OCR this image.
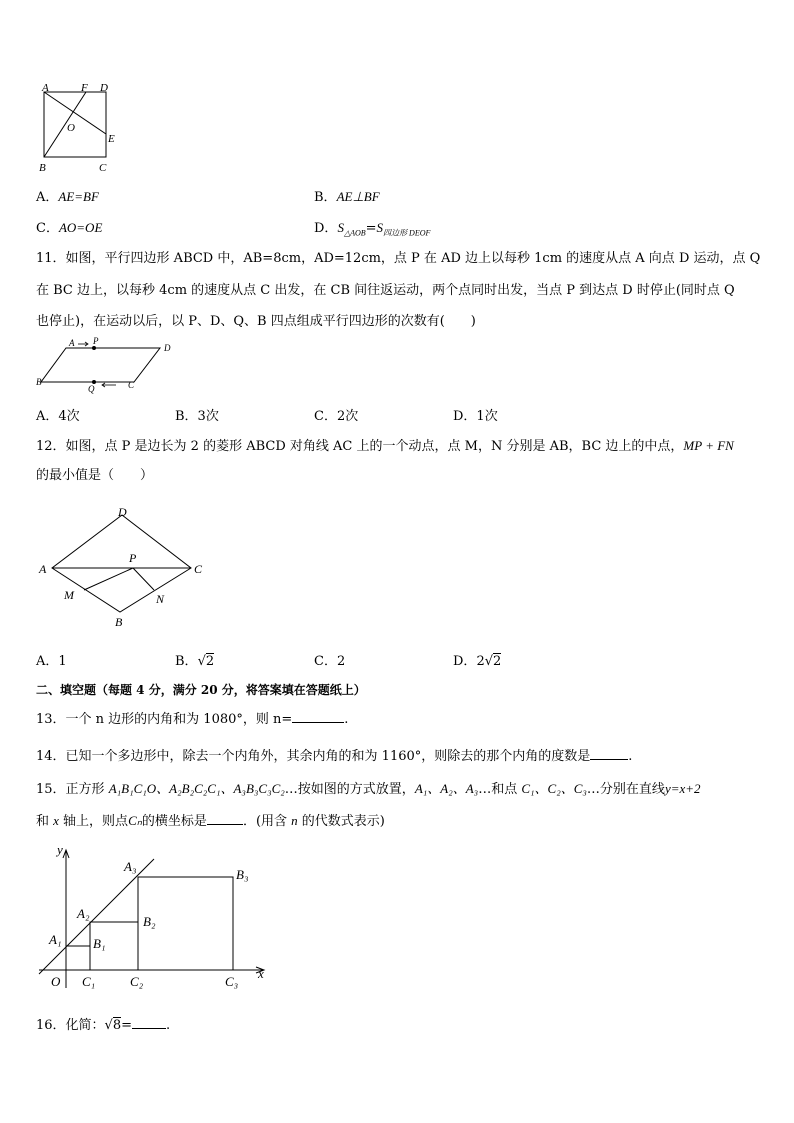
A	F D
O
E
B	C
A．AE=BF	B．AE⊥BF
C．AO=OE	D．$S_{\triangle AOB}=S_{四边形 DEOF}$
11．如图，平行四边形 ABCD 中，AB=8cm，AD=12cm，点 P 在 AD 边上以每秒 1cm 的速度从点 A 向点 D 运动，点 Q
在 BC 边上，以每秒 4cm 的速度从点 C 出发，在 CB 间往返运动，两个点同时出发，当点 P 到达点 D 时停止(同时点 Q
也停止)，在运动以后，以 P、D、Q、B 四点组成平行四边形的次数有(　　)
A P
D
B
Q	C
A．4次	B．3次	C．2次	D．1次
12．如图，点 P 是边长为 2 的菱形 ABCD 对角线 AC 上的一个动点，点 M，N 分别是 AB，BC 边上的中点，MP + FN
的最小值是（　　）
D
A
P
C
M	N
B
A．1	B．√2	C．2	D．2√2
二、填空题（每题 4 分，满分 20 分，将答案填在答题纸上）
13．一个 n 边形的内角和为 1080°，则 n=	.
14．已知一个多边形中，除去一个内角外，其余内角的和为 1160°，则除去的那个内角的度数是	.
15．正方形 A₁B₁C₁O、A₂B₂C₂C₁、A₃B₃C₃C₂…按如图的方式放置，A₁、A₂、A₃…和点 C₁、C₂、C₃…分别在直线y=x+2
和 x 轴上，则点Cₙ的横坐标是	．(用含 n 的代数式表示)
y
x
O
A₁
A₂
A₃
B₁
B₂
B₃
C₁	C₂	C₃
16．化简：√8=	.
